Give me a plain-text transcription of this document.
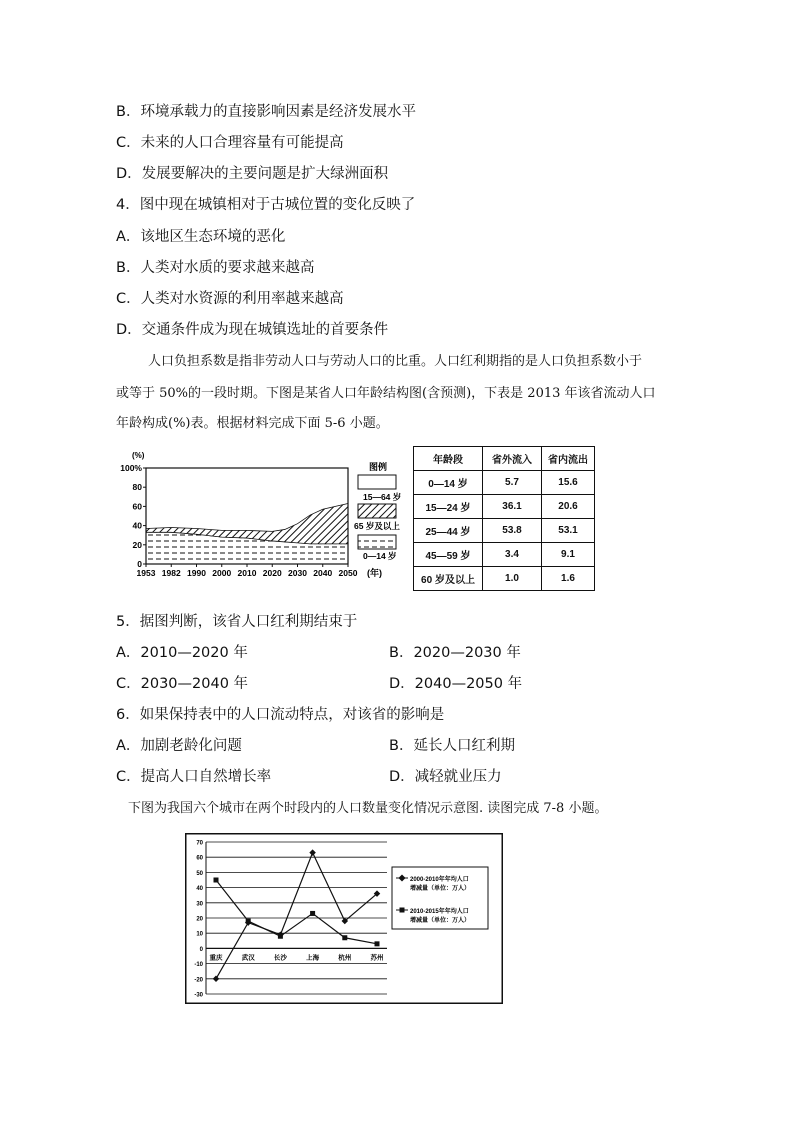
B．环境承载力的直接影响因素是经济发展水平
C．未来的人口合理容量有可能提高
D．发展要解决的主要问题是扩大绿洲面积
4．图中现在城镇相对于古城位置的变化反映了
A．该地区生态环境的恶化
B．人类对水质的要求越来越高
C．人类对水资源的利用率越来越高
D．交通条件成为现在城镇选址的首要条件
人口负担系数是指非劳动人口与劳动人口的比重。人口红利期指的是人口负担系数小于
或等于 50%的一段时期。下图是某省人口年龄结构图(含预测)，下表是 2013 年该省流动人口
年龄构成(%)表。根据材料完成下面 5-6 小题。
(%)
100%
80
60
40
20
0
1953 1982 1990 2000 2010 2020 2030 2040 2050 (年)
图例
15—64 岁
65 岁及以上
0—14 岁
年龄段	省外流入	省内流出
0—14 岁	5.7	15.6
15—24 岁	36.1	20.6
25—44 岁	53.8	53.1
45—59 岁	3.4	9.1
60 岁及以上	1.0	1.6
5．据图判断，该省人口红利期结束于
A．2010—2020 年	B．2020—2030 年
C．2030—2040 年	D．2040—2050 年
6．如果保持表中的人口流动特点，对该省的影响是
A．加剧老龄化问题	B．延长人口红利期
C．提高人口自然增长率	D．减轻就业压力
下图为我国六个城市在两个时段内的人口数量变化情况示意图. 读图完成 7-8 小题。
70
60
50
40
30
20
10
0
-10
-20
-30
重庆	武汉	长沙	上海	杭州	苏州
2000-2010年年均人口
增减量（单位：万人）
2010-2015年年均人口
增减量（单位：万人）
